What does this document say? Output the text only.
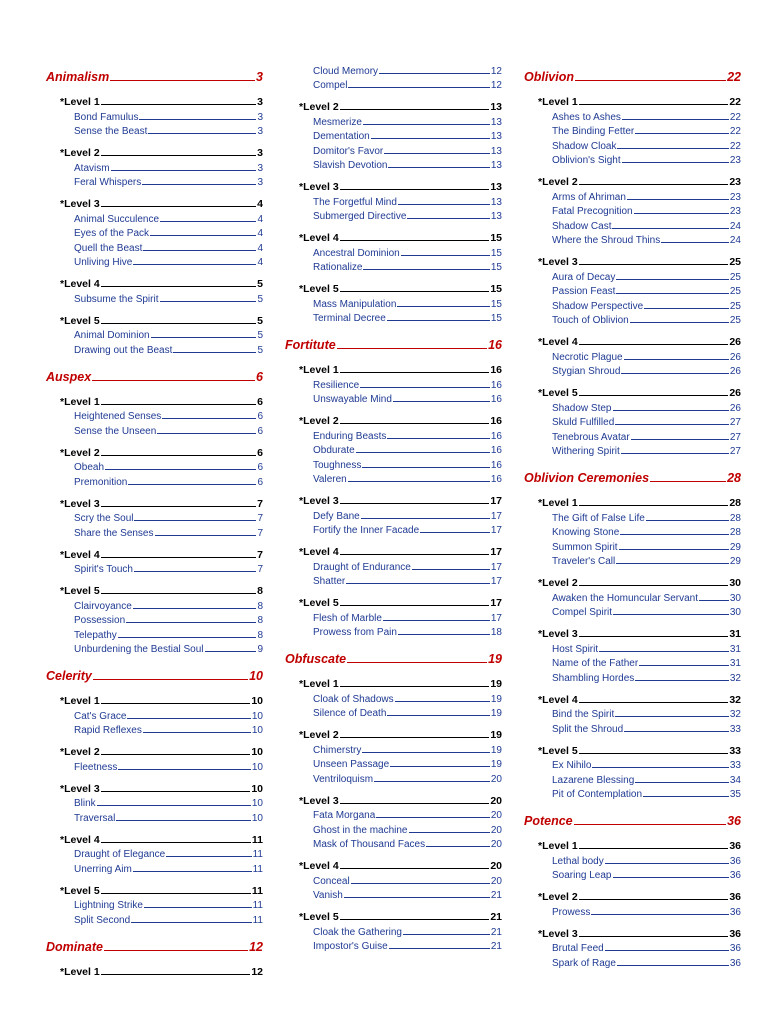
Animalism	3
*Level 1	3
Bond Famulus	3
Sense the Beast	3
*Level 2	3
Atavism	3
Feral Whispers	3
*Level 3	4
Animal Succulence	4
Eyes of the Pack	4
Quell the Beast	4
Unliving Hive	4
*Level 4	5
Subsume the Spirit	5
*Level 5	5
Animal Dominion	5
Drawing out the Beast	5
Auspex	6
*Level 1	6
Heightened Senses	6
Sense the Unseen	6
*Level 2	6
Obeah	6
Premonition	6
*Level 3	7
Scry the Soul	7
Share the Senses	7
*Level 4	7
Spirit's Touch	7
*Level 5	8
Clairvoyance	8
Possession	8
Telepathy	8
Unburdening the Bestial Soul	9
Celerity	10
*Level 1	10
Cat's Grace	10
Rapid Reflexes	10
*Level 2	10
Fleetness	10
*Level 3	10
Blink	10
Traversal	10
*Level 4	11
Draught of Elegance	11
Unerring Aim	11
*Level 5	11
Lightning Strike	11
Split Second	11
Dominate	12
*Level 1	12
Cloud Memory	12
Compel	12
*Level 2	13
Mesmerize	13
Dementation	13
Domitor's Favor	13
Slavish Devotion	13
*Level 3	13
The Forgetful Mind	13
Submerged Directive	13
*Level 4	15
Ancestral Dominion	15
Rationalize	15
*Level 5	15
Mass Manipulation	15
Terminal Decree	15
Fortitute	16
*Level 1	16
Resilience	16
Unswayable Mind	16
*Level 2	16
Enduring Beasts	16
Obdurate	16
Toughness	16
Valeren	16
*Level 3	17
Defy Bane	17
Fortify the Inner Facade	17
*Level 4	17
Draught of Endurance	17
Shatter	17
*Level 5	17
Flesh of Marble	17
Prowess from Pain	18
Obfuscate	19
*Level 1	19
Cloak of Shadows	19
Silence of Death	19
*Level 2	19
Chimerstry	19
Unseen Passage	19
Ventriloquism	20
*Level 3	20
Fata Morgana	20
Ghost in the machine	20
Mask of Thousand Faces	20
*Level 4	20
Conceal	20
Vanish	21
*Level 5	21
Cloak the Gathering	21
Impostor's Guise	21
Oblivion	22
*Level 1	22
Ashes to Ashes	22
The Binding Fetter	22
Shadow Cloak	22
Oblivion's Sight	23
*Level 2	23
Arms of Ahriman	23
Fatal Precognition	23
Shadow Cast	24
Where the Shroud Thins	24
*Level 3	25
Aura of Decay	25
Passion Feast	25
Shadow Perspective	25
Touch of Oblivion	25
*Level 4	26
Necrotic Plague	26
Stygian Shroud	26
*Level 5	26
Shadow Step	26
Skuld Fulfilled	27
Tenebrous Avatar	27
Withering Spirit	27
Oblivion Ceremonies	28
*Level 1	28
The Gift of False Life	28
Knowing Stone	28
Summon Spirit	29
Traveler's Call	29
*Level 2	30
Awaken the Homuncular Servant	30
Compel Spirit	30
*Level 3	31
Host Spirit	31
Name of the Father	31
Shambling Hordes	32
*Level 4	32
Bind the Spirit	32
Split the Shroud	33
*Level 5	33
Ex Nihilo	33
Lazarene Blessing	34
Pit of Contemplation	35
Potence	36
*Level 1	36
Lethal body	36
Soaring Leap	36
*Level 2	36
Prowess	36
*Level 3	36
Brutal Feed	36
Spark of Rage	36
